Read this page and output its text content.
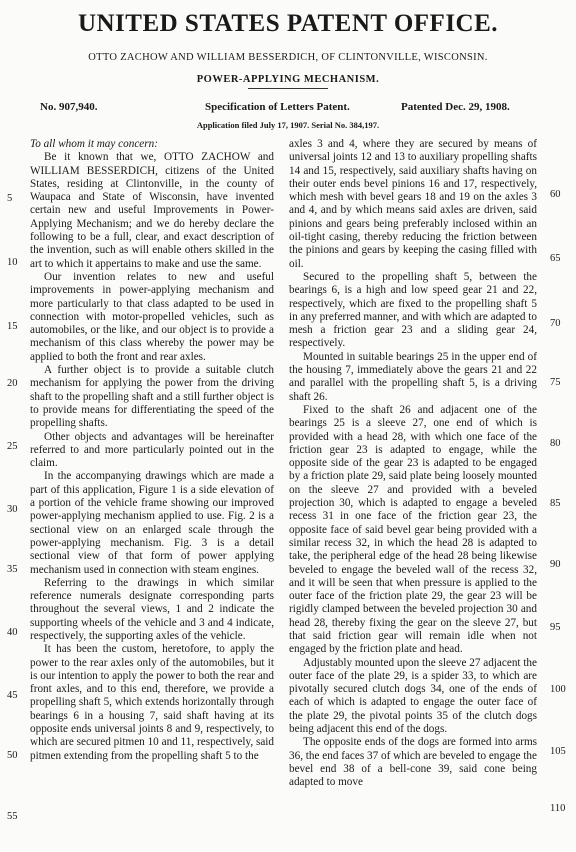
UNITED STATES PATENT OFFICE.
OTTO ZACHOW AND WILLIAM BESSERDICH, OF CLINTONVILLE, WISCONSIN.
POWER-APPLYING MECHANISM.
No. 907,940.	Specification of Letters Patent.	Patented Dec. 29, 1908.
Application filed July 17, 1907. Serial No. 384,197.

To all whom it may concern:

Be it known that we, OTTO ZACHOW and WILLIAM BESSERDICH, citizens of the United States, residing at Clintonville, in the county of Waupaca and State of Wisconsin, have invented certain new and useful Improvements in Power-Applying Mechanism; and we do hereby declare the following to be a full, clear, and exact description of the invention, such as will enable others skilled in the art to which it appertains to make and use the same.

Our invention relates to new and useful improvements in power-applying mechanism and more particularly to that class adapted to be used in connection with motor-propelled vehicles, such as automobiles, or the like, and our object is to provide a mechanism of this class whereby the power may be applied to both the front and rear axles.

A further object is to provide a suitable clutch mechanism for applying the power from the driving shaft to the propelling shaft and a still further object is to provide means for differentiating the speed of the propelling shafts.

Other objects and advantages will be hereinafter referred to and more particularly pointed out in the claim.

In the accompanying drawings which are made a part of this application, Figure 1 is a side elevation of a portion of the vehicle frame showing our improved power-applying mechanism applied to use. Fig. 2 is a sectional view on an enlarged scale through the power-applying mechanism. Fig. 3 is a detail sectional view of that form of power applying mechanism used in connection with steam engines.

Referring to the drawings in which similar reference numerals designate corresponding parts throughout the several views, 1 and 2 indicate the supporting wheels of the vehicle and 3 and 4 indicate, respectively, the supporting axles of the vehicle.

It has been the custom, heretofore, to apply the power to the rear axles only of the automobiles, but it is our intention to apply the power to both the rear and front axles, and to this end, therefore, we provide a propelling shaft 5, which extends horizontally through bearings 6 in a housing 7, said shaft having at its opposite ends universal joints 8 and 9, respectively, to which are secured pitmen 10 and 11, respectively, said pitmen extending from the propelling shaft 5 to the

axles 3 and 4, where they are secured by means of universal joints 12 and 13 to auxiliary propelling shafts 14 and 15, respectively, said auxiliary shafts having on their outer ends bevel pinions 16 and 17, respectively, which mesh with bevel gears 18 and 19 on the axles 3 and 4, and by which means said axles are driven, said pinions and gears being preferably inclosed within an oil-tight casing, thereby reducing the friction between the pinions and gears by keeping the casing filled with oil.

Secured to the propelling shaft 5, between the bearings 6, is a high and low speed gear 21 and 22, respectively, which are fixed to the propelling shaft 5 in any preferred manner, and with which are adapted to mesh a friction gear 23 and a sliding gear 24, respectively.

Mounted in suitable bearings 25 in the upper end of the housing 7, immediately above the gears 21 and 22 and parallel with the propelling shaft 5, is a driving shaft 26.

Fixed to the shaft 26 and adjacent one of the bearings 25 is a sleeve 27, one end of which is provided with a head 28, with which one face of the friction gear 23 is adapted to engage, while the opposite side of the gear 23 is adapted to be engaged by a friction plate 29, said plate being loosely mounted on the sleeve 27 and provided with a beveled projection 30, which is adapted to engage a beveled recess 31 in one face of the friction gear 23, the opposite face of said bevel gear being provided with a similar recess 32, in which the head 28 is adapted to take, the peripheral edge of the head 28 being likewise beveled to engage the beveled wall of the recess 32, and it will be seen that when pressure is applied to the outer face of the friction plate 29, the gear 23 will be rigidly clamped between the beveled projection 30 and head 28, thereby fixing the gear on the sleeve 27, but that said friction gear will remain idle when not engaged by the friction plate and head.

Adjustably mounted upon the sleeve 27 adjacent the outer face of the plate 29, is a spider 33, to which are pivotally secured clutch dogs 34, one of the ends of each of which is adapted to engage the outer face of the plate 29, the pivotal points 35 of the clutch dogs being adjacent this end of the dogs.

The opposite ends of the dogs are formed into arms 36, the end faces 37 of which are beveled to engage the bevel end 38 of a bell-cone 39, said cone being adapted to move

5
10
15
20
25
30
35
40
45
50
55
60
65
70
75
80
85
90
95
100
105
110
